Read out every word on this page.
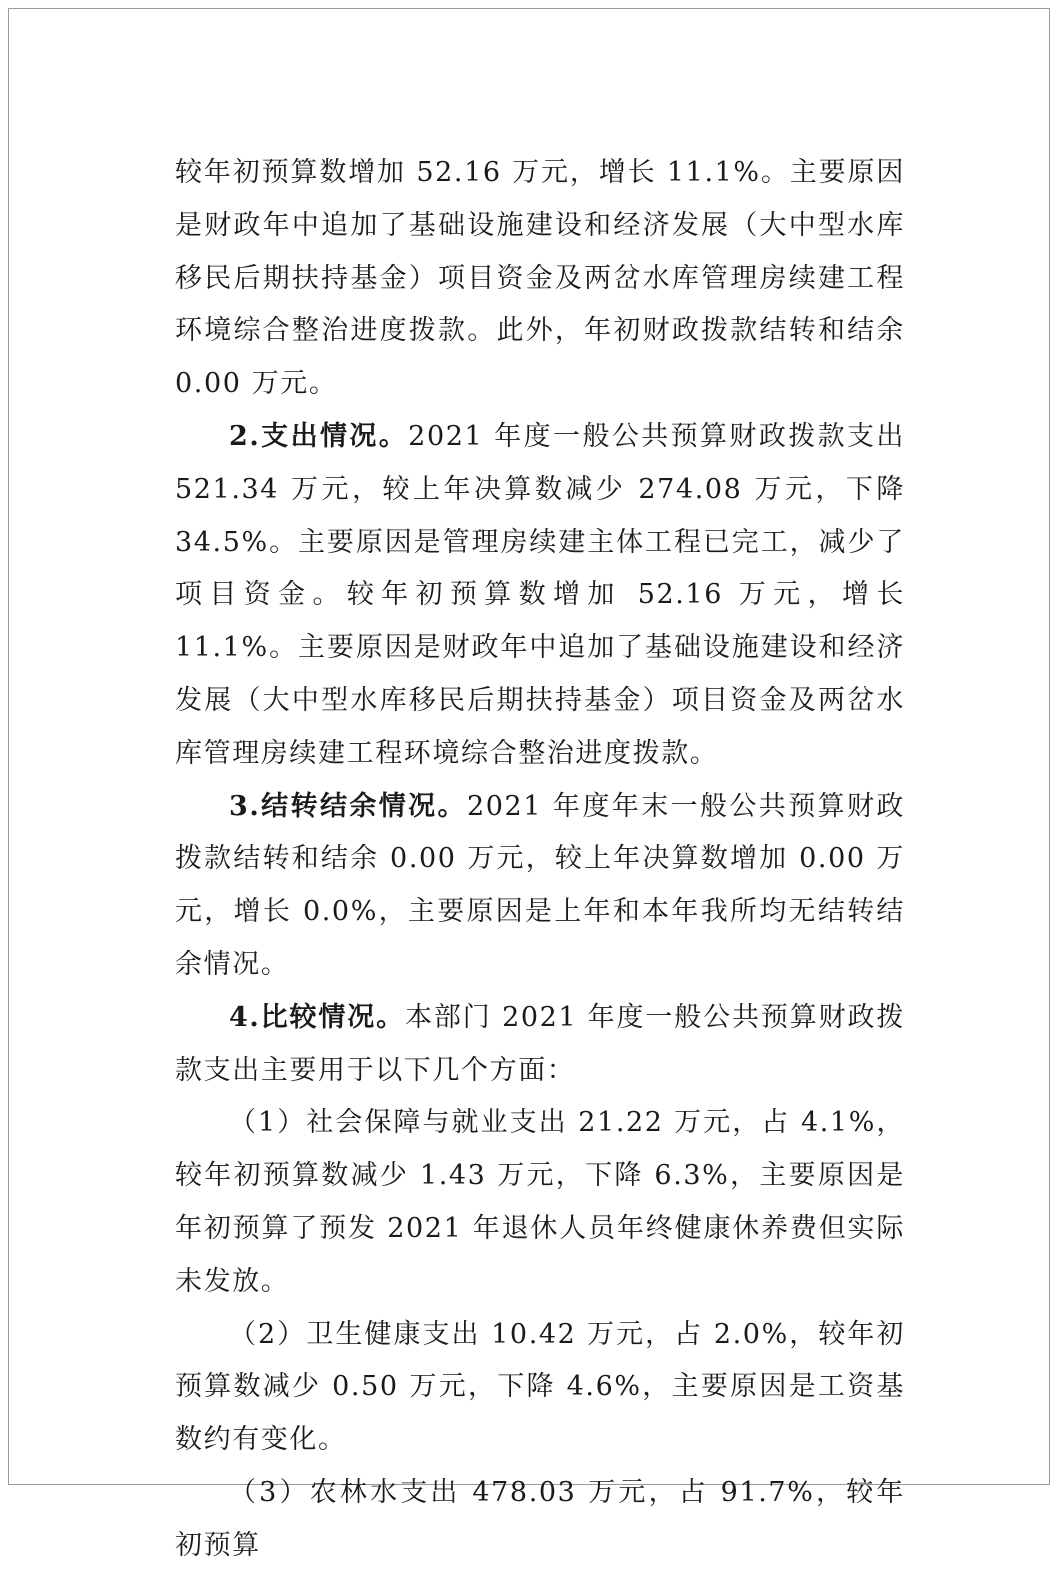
较年初预算数增加 52.16 万元，增长 11.1%。主要原因是财政年中追加了基础设施建设和经济发展（大中型水库移民后期扶持基金）项目资金及两岔水库管理房续建工程环境综合整治进度拨款。此外，年初财政拨款结转和结余 0.00 万元。

2.支出情况。2021 年度一般公共预算财政拨款支出 521.34 万元，较上年决算数减少 274.08 万元，下降 34.5%。主要原因是管理房续建主体工程已完工，减少了项目资金。较年初预算数增加 52.16 万元，增长 11.1%。主要原因是财政年中追加了基础设施建设和经济发展（大中型水库移民后期扶持基金）项目资金及两岔水库管理房续建工程环境综合整治进度拨款。

3.结转结余情况。2021 年度年末一般公共预算财政拨款结转和结余 0.00 万元，较上年决算数增加 0.00 万元，增长 0.0%，主要原因是上年和本年我所均无结转结余情况。

4.比较情况。本部门 2021 年度一般公共预算财政拨款支出主要用于以下几个方面：

（1）社会保障与就业支出 21.22 万元，占 4.1%，较年初预算数减少 1.43 万元，下降 6.3%，主要原因是年初预算了预发 2021 年退休人员年终健康休养费但实际未发放。

（2）卫生健康支出 10.42 万元，占 2.0%，较年初预算数减少 0.50 万元，下降 4.6%，主要原因是工资基数约有变化。

（3）农林水支出 478.03 万元，占 91.7%，较年初预算
